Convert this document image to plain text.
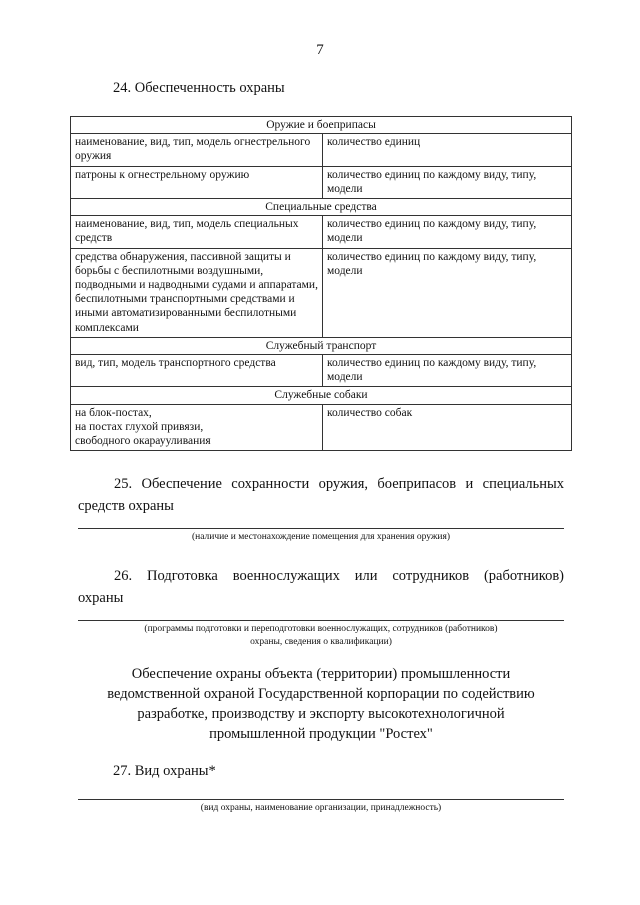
7
24. Обеспеченность охраны
Оружие и боеприпасы	
наименование, вид, тип, модель огнестрельного оружия	количество единиц
патроны к огнестрельному оружию	количество единиц по каждому виду, типу, модели
Специальные средства	
наименование, вид, тип, модель специальных средств	количество единиц по каждому виду, типу, модели
средства обнаружения, пассивной защиты и борьбы с беспилотными воздушными, подводными и надводными судами и аппаратами, беспилотными транспортными средствами и иными автоматизированными беспилотными комплексами	количество единиц по каждому виду, типу, модели
Служебный транспорт	
вид, тип, модель транспортного средства	количество единиц по каждому виду, типу, модели
Служебные собаки	
на блок-постах,
на постах глухой привязи,
свободного окараууливания	количество собак
25. Обеспечение сохранности оружия, боеприпасов и специальных
средств охраны
(наличие и местонахождение помещения для хранения оружия)
26. Подготовка военнослужащих или сотрудников (работников)
охраны
(программы подготовки и переподготовки военнослужащих, сотрудников (работников)
охраны, сведения о квалификации)
Обеспечение охраны объекта (территории) промышленности
ведомственной охраной Государственной корпорации по содействию
разработке, производству и экспорту высокотехнологичной
промышленной продукции "Ростех"
27. Вид охраны*
(вид охраны, наименование организации, принадлежность)
